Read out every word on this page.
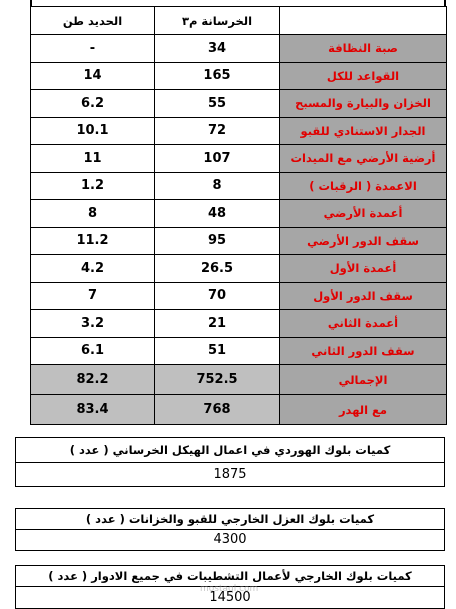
الحديد طن	الخرسانة م٣	
-	34	صبة النظافة
14	165	القواعد للكل
6.2	55	الخزان والبيارة والمسبح
10.1	72	الجدار الاستنادي للقبو
11	107	أرضية الأرضي مع الميدات
1.2	8	الاعمدة ( الرقبات )
8	48	أعمدة الأرضي
11.2	95	سقف الدور الأرضي
4.2	26.5	أعمدة الأول
7	70	سقف الدور الأول
3.2	21	أعمدة الثاني
6.1	51	سقف الدور الثاني
82.2	752.5	الإجمالي
83.4	768	مع الهدر
كميات بلوك الهوردي في اعمال الهيكل الخرساني ( عدد )
1875
كميات بلوك العزل الخارجي للقبو والخزانات ( عدد )
4300
كميات بلوك الخارجي لأعمال التشطيبات في جميع الادوار ( عدد )
14500
mostaql.com
